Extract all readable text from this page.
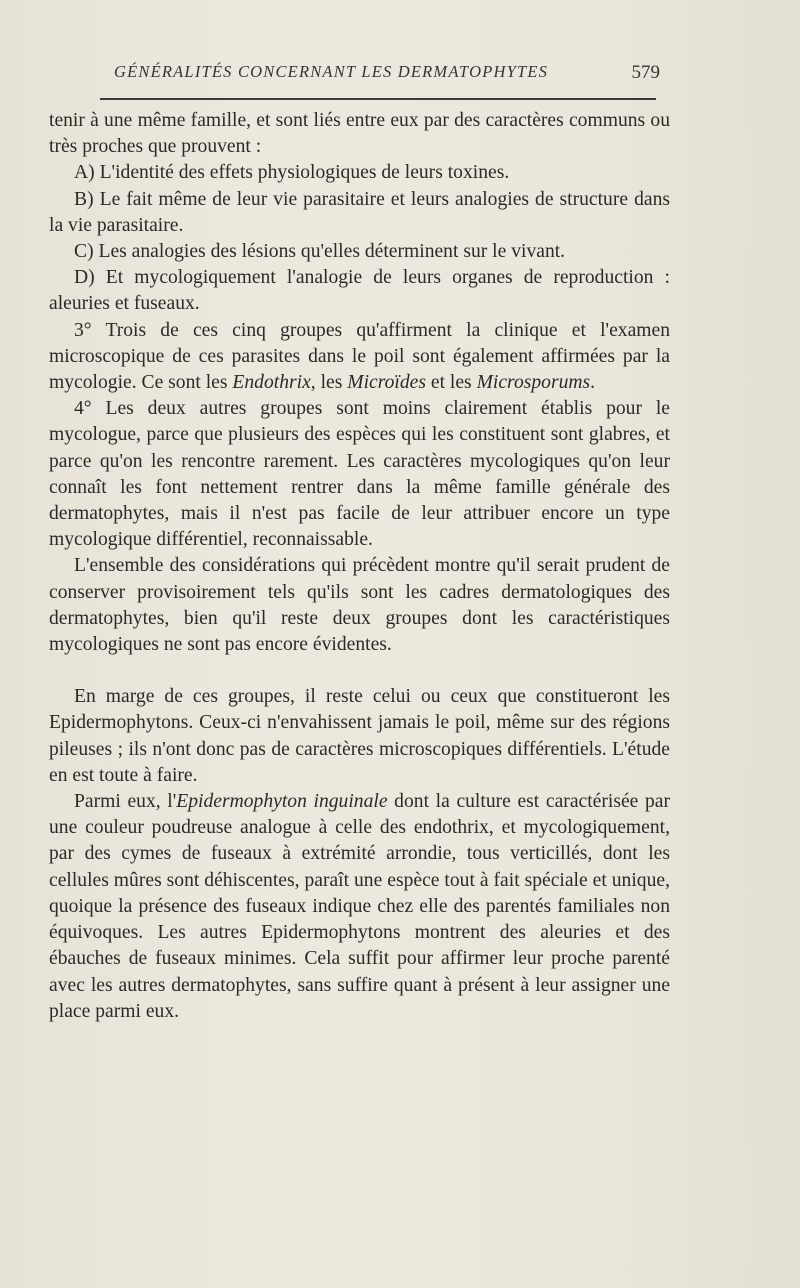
GÉNÉRALITÉS CONCERNANT LES DERMATOPHYTES	579

tenir à une même famille, et sont liés entre eux par des caractères communs ou très proches que prouvent :

A) L'identité des effets physiologiques de leurs toxines.

B) Le fait même de leur vie parasitaire et leurs analogies de structure dans la vie parasitaire.

C) Les analogies des lésions qu'elles déterminent sur le vivant.

D) Et mycologiquement l'analogie de leurs organes de reproduction : aleuries et fuseaux.

3° Trois de ces cinq groupes qu'affirment la clinique et l'examen microscopique de ces parasites dans le poil sont également affirmées par la mycologie. Ce sont les Endothrix, les Microïdes et les Microsporums.

4° Les deux autres groupes sont moins clairement établis pour le mycologue, parce que plusieurs des espèces qui les constituent sont glabres, et parce qu'on les rencontre rarement. Les caractères mycologiques qu'on leur connaît les font nettement rentrer dans la même famille générale des dermatophytes, mais il n'est pas facile de leur attribuer encore un type mycologique différentiel, reconnaissable.

L'ensemble des considérations qui précèdent montre qu'il serait prudent de conserver provisoirement tels qu'ils sont les cadres dermatologiques des dermatophytes, bien qu'il reste deux groupes dont les caractéristiques mycologiques ne sont pas encore évidentes.

En marge de ces groupes, il reste celui ou ceux que constitueront les Epidermophytons. Ceux-ci n'envahissent jamais le poil, même sur des régions pileuses ; ils n'ont donc pas de caractères microscopiques différentiels. L'étude en est toute à faire.

Parmi eux, l'Epidermophyton inguinale dont la culture est caractérisée par une couleur poudreuse analogue à celle des endothrix, et mycologiquement, par des cymes de fuseaux à extrémité arrondie, tous verticillés, dont les cellules mûres sont déhiscentes, paraît une espèce tout à fait spéciale et unique, quoique la présence des fuseaux indique chez elle des parentés familiales non équivoques. Les autres Epidermophytons montrent des aleuries et des ébauches de fuseaux minimes. Cela suffit pour affirmer leur proche parenté avec les autres dermatophytes, sans suffire quant à présent à leur assigner une place parmi eux.
